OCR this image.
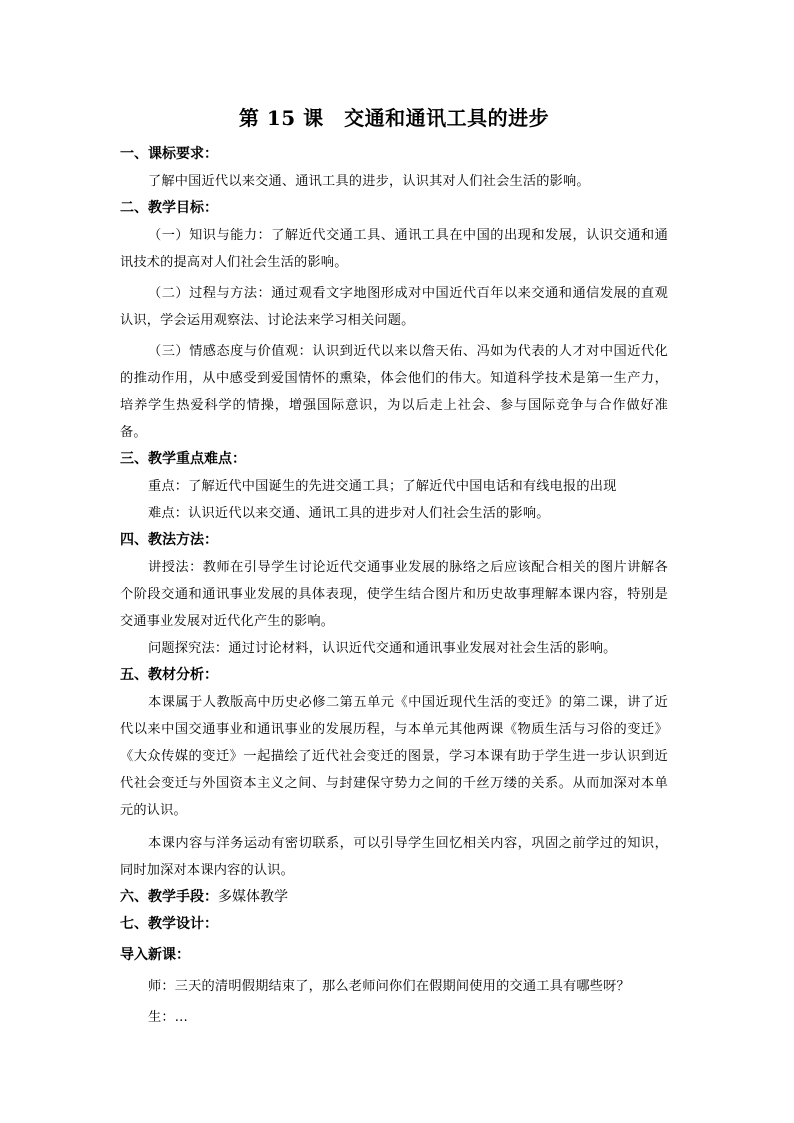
第 15 课　交通和通讯工具的进步
一、课标要求：

了解中国近代以来交通、通讯工具的进步，认识其对人们社会生活的影响。

二、教学目标：

（一）知识与能力：了解近代交通工具、通讯工具在中国的出现和发展，认识交通和通讯技术的提高对人们社会生活的影响。

（二）过程与方法：通过观看文字地图形成对中国近代百年以来交通和通信发展的直观认识，学会运用观察法、讨论法来学习相关问题。

（三）情感态度与价值观：认识到近代以来以詹天佑、冯如为代表的人才对中国近代化的推动作用，从中感受到爱国情怀的熏染，体会他们的伟大。知道科学技术是第一生产力，培养学生热爱科学的情操，增强国际意识，为以后走上社会、参与国际竞争与合作做好准备。

三、教学重点难点：

重点：了解近代中国诞生的先进交通工具；了解近代中国电话和有线电报的出现

难点：认识近代以来交通、通讯工具的进步对人们社会生活的影响。

四、教法方法：

讲授法：教师在引导学生讨论近代交通事业发展的脉络之后应该配合相关的图片讲解各个阶段交通和通讯事业发展的具体表现，使学生结合图片和历史故事理解本课内容，特别是交通事业发展对近代化产生的影响。

问题探究法：通过讨论材料，认识近代交通和通讯事业发展对社会生活的影响。

五、教材分析：

本课属于人教版高中历史必修二第五单元《中国近现代生活的变迁》的第二课，讲了近代以来中国交通事业和通讯事业的发展历程，与本单元其他两课《物质生活与习俗的变迁》《大众传媒的变迁》一起描绘了近代社会变迁的图景，学习本课有助于学生进一步认识到近代社会变迁与外国资本主义之间、与封建保守势力之间的千丝万缕的关系。从而加深对本单元的认识。

本课内容与洋务运动有密切联系，可以引导学生回忆相关内容，巩固之前学过的知识，同时加深对本课内容的认识。

六、教学手段：多媒体教学
七、教学设计：
导入新课：

师：三天的清明假期结束了，那么老师问你们在假期间使用的交通工具有哪些呀？

生：...
